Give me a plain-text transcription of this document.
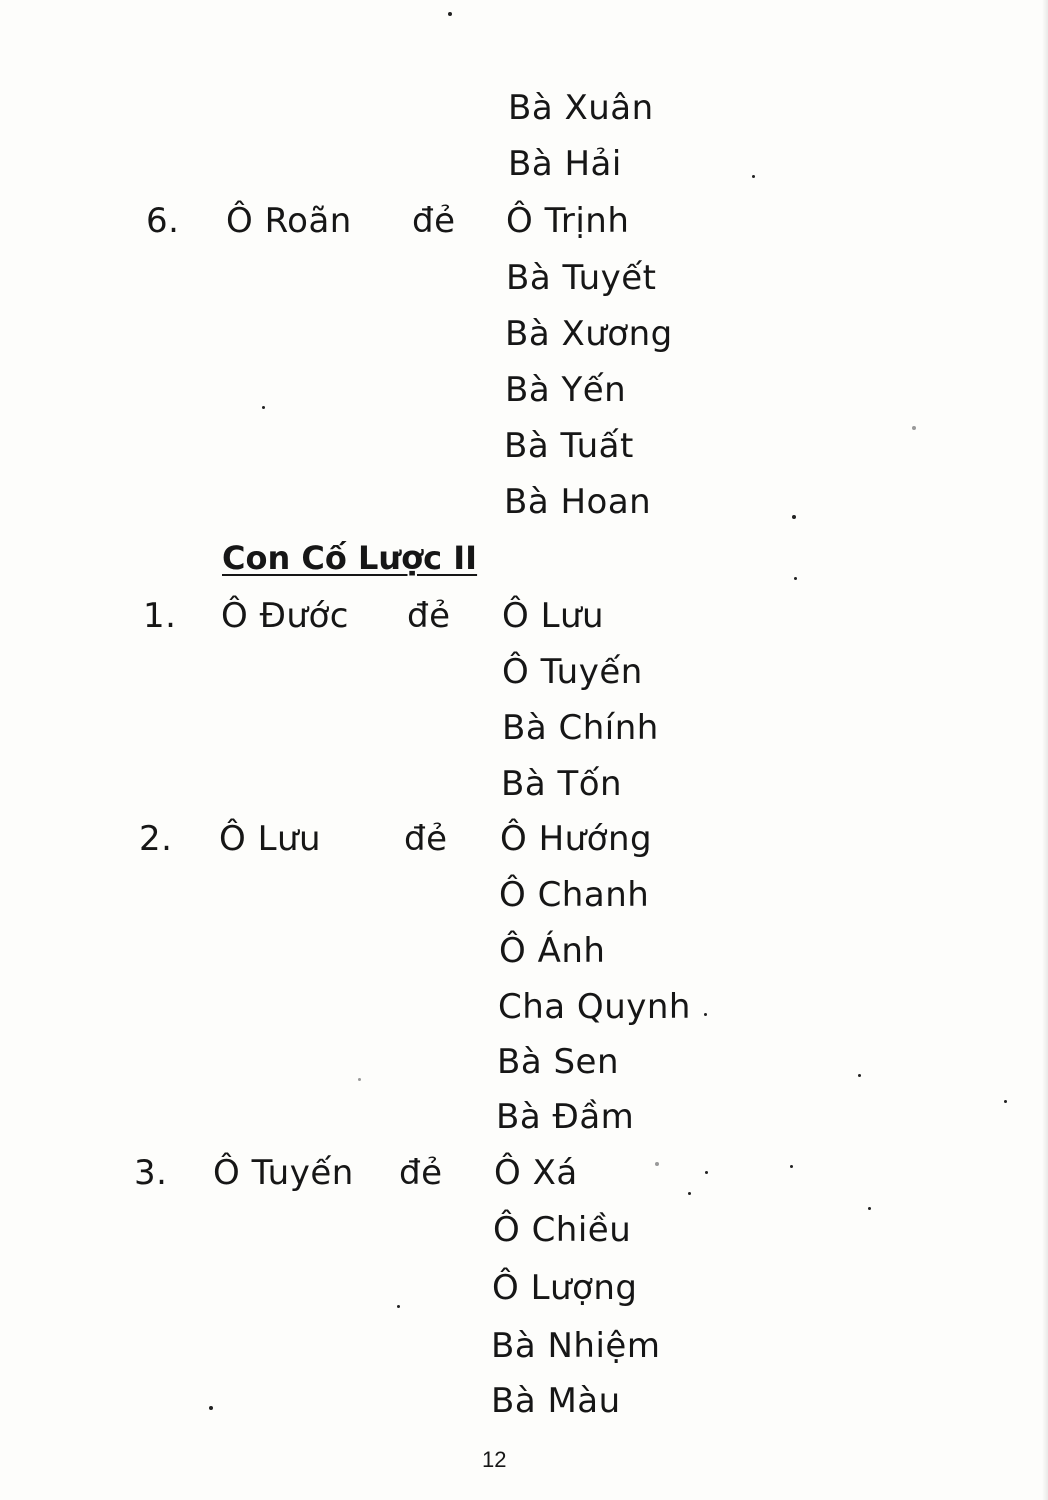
Bà Xuân
Bà Hải
6. Ô Roãn đẻ Ô Trịnh
Bà Tuyết
Bà Xương
Bà Yến
Bà Tuất
Bà Hoan
Con Cố Lược II
1. Ô Đước đẻ Ô Lưu
Ô Tuyến
Bà Chính
Bà Tốn
2. Ô Lưu đẻ Ô Hướng
Ô Chanh
Ô Ánh
Cha Quynh
Bà Sen
Bà Đầm
3. Ô Tuyến đẻ Ô Xá
Ô Chiều
Ô Lượng
Bà Nhiệm
Bà Màu
12
